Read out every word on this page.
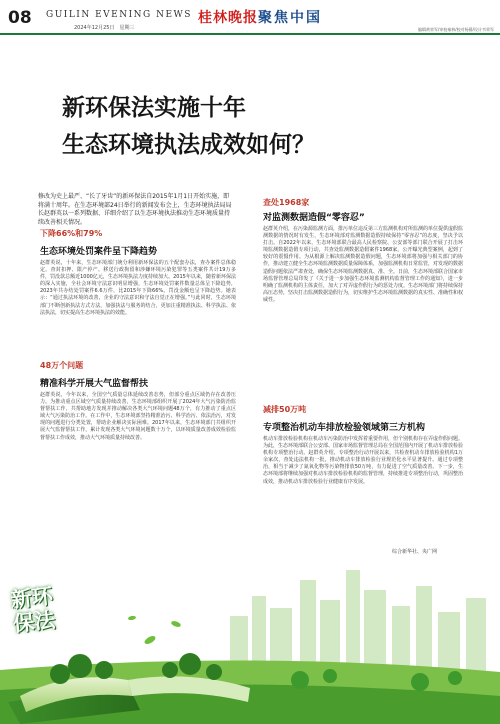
08 GUILIN EVENING NEWS
2024年12月25日　星期三
桂林晚报 聚焦中国
编辑黄荣军/审校秦林/校对杨静/设计韦荣军
新环保法实施十年
生态环境执法成效如何？
修改为史上最严、“长了牙齿”的新环保法自2015年1月1日开始实施，即将满十周年。在生态环境部24日举行的新闻发布会上，生态环境执法局局长赵群英以一系列数据、详细介绍了以生态环境执法推动生态环境质量持续改善相关情况。
下降66%和79%
生态环境处罚案件呈下降趋势
赵群英说，十年来，生态环境部门统分利用新环保法的五个配套办法，查办案件总体稳定、查封扣押、限产停产、移送行政拘留和涉嫌环境污染犯罪等五类案件共计19万多件，罚没款总额近1000亿元，生态环境执法力度持续加大。2015年以来，随着新环保法的深入实施，全社会环境守法意识明显增强，生态环境处罚案件数量总体呈下降趋势，2023年共办结处罚案件6.6万件，比2015年下降66%。罚没金额也呈下降趋势。她表示：“通过执法环境的改善，企业的守法意识和守法自觉正在增强。”与此同时，生态环境部门不断创新执法方式方法，加强执法与服务的结合，更加注重精准执法、科学执法、依法执法，切实提高生态环境执法的效能。
48万个问题
精准科学开展大气监督帮扶
赵群英说，今年以来，全国空气质量总体延续改善态势，但部分重点区域仍存在改善压力。为推动重点区域空气质量持续改善，生态环境部组织开展了2024年大气污染防治监督帮扶工作，共帮助地方发现并推动解决各类大气环境问题48万个，有力推动了重点区域大气污染防治工作。在工作中，生态环境部坚持精准治污、科学治污、依法治污，对发现的问题进行分类处置，帮助企业解决实际困难。2017年以来，生态环境部门共组织开展大气监督帮扶工作，累计发现各类大气环境问题数十万个，以环境质量改善成效检验监督帮扶工作成效，推动大气环境质量持续改善。
查处1968家
对监测数据造假“零容忍”
赵群英介绍，在污染源监测方面，排污单位违反第三方监测机构对所监测的单位提供虚假监测数据的情况时有发生，生态环境部对监测数据造假持续保持“零容忍”的态度，坚决予以打击。自2022年以来，生态环境部联合最高人民检察院、公安部等部门联合开展了打击环境监测数据造假专项行动，共查处监测数据造假案件1968家，公开曝光典型案例，起到了较好的震慑作用。为从根源上解决监测数据造假问题，生态环境部将加强与相关部门的协作，推动建立健全生态环境监测数据质量保障体系，加强监测机构日常监管，对发现的数据造假问题依法严肃查处，确保生态环境监测数据真、准、全。日前，生态环境部联合国家市场监督管理总局印发了《关于进一步加强生态环境监测机构监督管理工作的通知》，进一步明确了监测机构的主体责任，加大了对弄虚作假行为的惩处力度。生态环境部门将持续保持高压态势，坚决打击监测数据造假行为，切实维护生态环境监测数据的真实性、准确性和权威性。
减排50万吨
专项整治机动车排放检验领域第三方机构
机动车排放检验机构在机动车污染防治中发挥着重要作用，但个别机构存在弄虚作假问题。为此，生态环境部联合公安部、国家市场监督管理总局在全国范围内开展了机动车排放检验机构专项整治行动。赵群英介绍，专项整治行动开展以来，共检查机动车排放检验机构1万余家次，查处违法机构一批，推动机动车排放检验行业规范化水平显著提升。通过专项整治，相当于减少了氮氧化物等污染物排放50万吨，有力促进了空气质量改善。下一步，生态环境部将继续加强对机动车排放检验机构的监督管理，持续推进专项整治行动，巩固整治成效，推动机动车排放检验行业健康有序发展。
综合新华社、央广网
新环
保法
